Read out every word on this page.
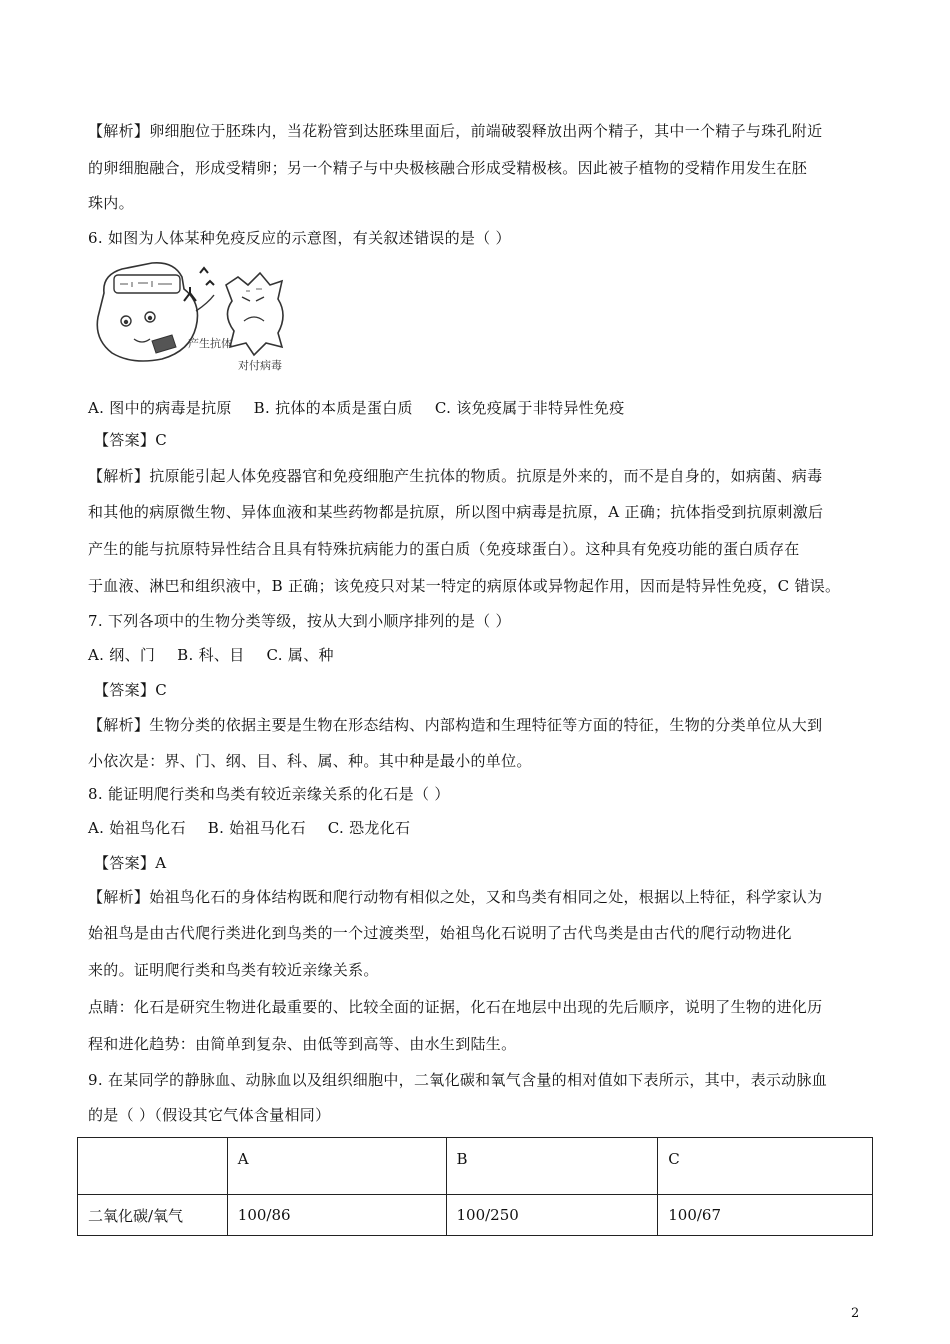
【解析】卵细胞位于胚珠内，当花粉管到达胚珠里面后，前端破裂释放出两个精子，其中一个精子与珠孔附近
的卵细胞融合，形成受精卵；另一个精子与中央极核融合形成受精极核。因此被子植物的受精作用发生在胚
珠内。
6. 如图为人体某种免疫反应的示意图，有关叙述错误的是（ ）
产生抗体
对付病毒
A. 图中的病毒是抗原 B. 抗体的本质是蛋白质 C. 该免疫属于非特异性免疫
【答案】C
【解析】抗原能引起人体免疫器官和免疫细胞产生抗体的物质。抗原是外来的，而不是自身的，如病菌、病毒
和其他的病原微生物、异体血液和某些药物都是抗原，所以图中病毒是抗原，A 正确；抗体指受到抗原刺激后
产生的能与抗原特异性结合且具有特殊抗病能力的蛋白质（免疫球蛋白）。这种具有免疫功能的蛋白质存在
于血液、淋巴和组织液中，B 正确；该免疫只对某一特定的病原体或异物起作用，因而是特异性免疫，C 错误。
7. 下列各项中的生物分类等级，按从大到小顺序排列的是（ ）
A. 纲、门 B. 科、目 C. 属、种
【答案】C
【解析】生物分类的依据主要是生物在形态结构、内部构造和生理特征等方面的特征，生物的分类单位从大到
小依次是：界、门、纲、目、科、属、种。其中种是最小的单位。
8. 能证明爬行类和鸟类有较近亲缘关系的化石是（ ）
A. 始祖鸟化石 B. 始祖马化石 C. 恐龙化石
【答案】A
【解析】始祖鸟化石的身体结构既和爬行动物有相似之处，又和鸟类有相同之处，根据以上特征，科学家认为
始祖鸟是由古代爬行类进化到鸟类的一个过渡类型，始祖鸟化石说明了古代鸟类是由古代的爬行动物进化
来的。证明爬行类和鸟类有较近亲缘关系。
点睛：化石是研究生物进化最重要的、比较全面的证据，化石在地层中出现的先后顺序，说明了生物的进化历
程和进化趋势：由简单到复杂、由低等到高等、由水生到陆生。
9. 在某同学的静脉血、动脉血以及组织细胞中，二氧化碳和氧气含量的相对值如下表所示，其中，表示动脉血
的是（ ）（假设其它气体含量相同）
	A	B	C
二氧化碳/氧气	100/86	100/250	100/67
2
